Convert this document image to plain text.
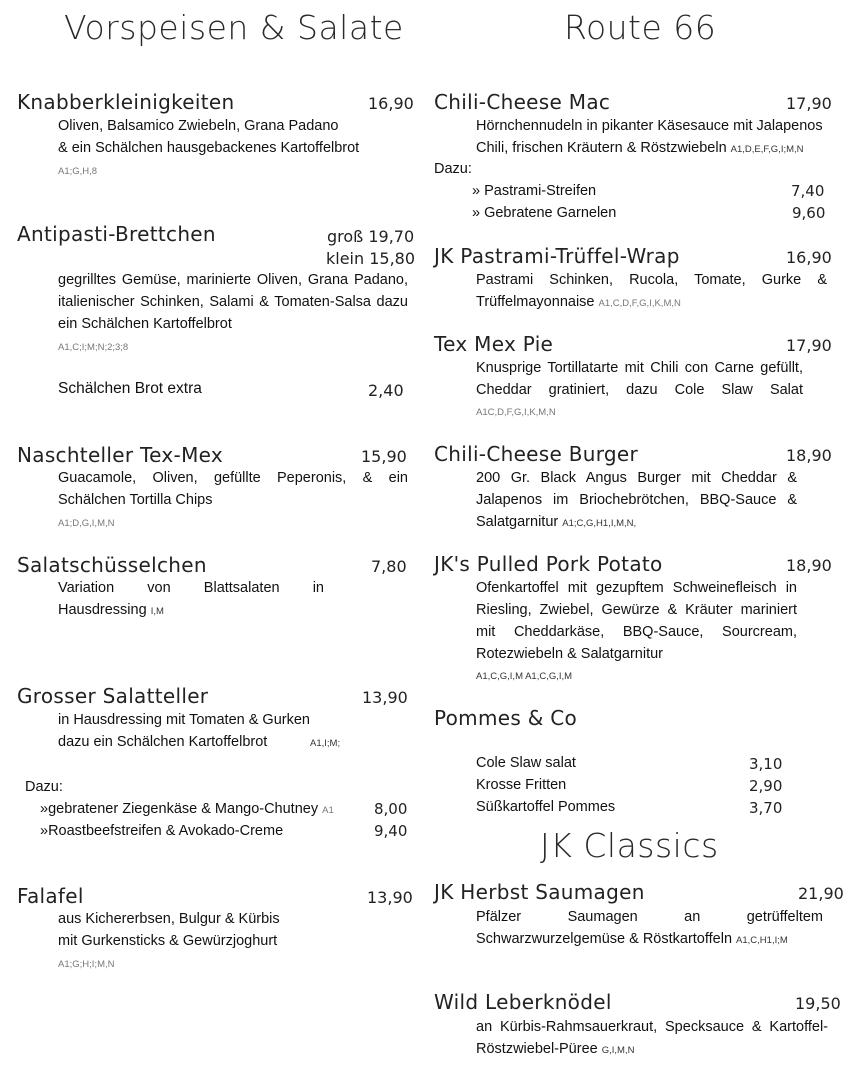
Vorspeisen & Salate	Route 66
Knabberkleinigkeiten	16,90
Oliven, Balsamico Zwiebeln, Grana Padano
& ein Schälchen hausgebackenes Kartoffelbrot
A1;G,H,8
Antipasti-Brettchen	groß 19,70
klein 15,80
gegrilltes Gemüse, marinierte Oliven, Grana Padano, italienischer Schinken, Salami & Tomaten-Salsa dazu ein Schälchen Kartoffelbrot
A1,C;I;M;N;2;3;8
Schälchen Brot extra	2,40
Naschteller Tex-Mex	15,90
Guacamole, Oliven, gefüllte Peperonis, & ein Schälchen Tortilla Chips
A1;D,G,I,M,N
Salatschüsselchen	7,80
Variation von Blattsalaten in
Hausdressing I,M
Grosser Salatteller	13,90
in Hausdressing mit Tomaten & Gurken
dazu ein Schälchen Kartoffelbrot	A1,I;M;
Dazu:
»gebratener Ziegenkäse & Mango-Chutney A1	8,00
»Roastbeefstreifen & Avokado-Creme	9,40
Falafel	13,90
aus Kichererbsen, Bulgur & Kürbis
mit Gurkensticks & Gewürzjoghurt
A1;G;H;I;M,N
Chili-Cheese Mac	17,90
Hörnchennudeln in pikanter Käsesauce mit Jalapenos
Chili, frischen Kräutern & Röstzwiebeln A1,D,E,F,G,I;M,N
Dazu:
» Pastrami-Streifen	7,40
» Gebratene Garnelen	9,60
JK Pastrami-Trüffel-Wrap	16,90
Pastrami Schinken, Rucola, Tomate, Gurke &
Trüffelmayonnaise A1,C,D,F,G,I,K,M,N
Tex Mex Pie	17,90
Knusprige Tortillatarte mit Chili con Carne gefüllt, Cheddar gratiniert, dazu Cole Slaw Salat
A1C,D,F,G,I,K,M,N
Chili-Cheese Burger	18,90
200 Gr. Black Angus Burger mit Cheddar &
Jalapenos im Briochebrötchen, BBQ-Sauce &
Salatgarnitur A1;C,G,H1,I,M,N,
JK's Pulled Pork Potato	18,90
Ofenkartoffel mit gezupftem Schweinefleisch in Riesling, Zwiebel, Gewürze & Kräuter mariniert mit Cheddarkäse, BBQ-Sauce, Sourcream, Rotezwiebeln & Salatgarnitur
A1,C,G,I,M A1,C,G,I,M
Pommes & Co
Cole Slaw salat	3,10
Krosse Fritten	2,90
Süßkartoffel Pommes	3,70
JK Classics
JK Herbst Saumagen	21,90
Pfälzer Saumagen an getrüffeltem
Schwarzwurzelgemüse & Röstkartoffeln A1,C,H1,I;M
Wild Leberknödel	19,50
an Kürbis-Rahmsauerkraut, Specksauce & Kartoffel-
Röstzwiebel-Püree G,I,M,N
